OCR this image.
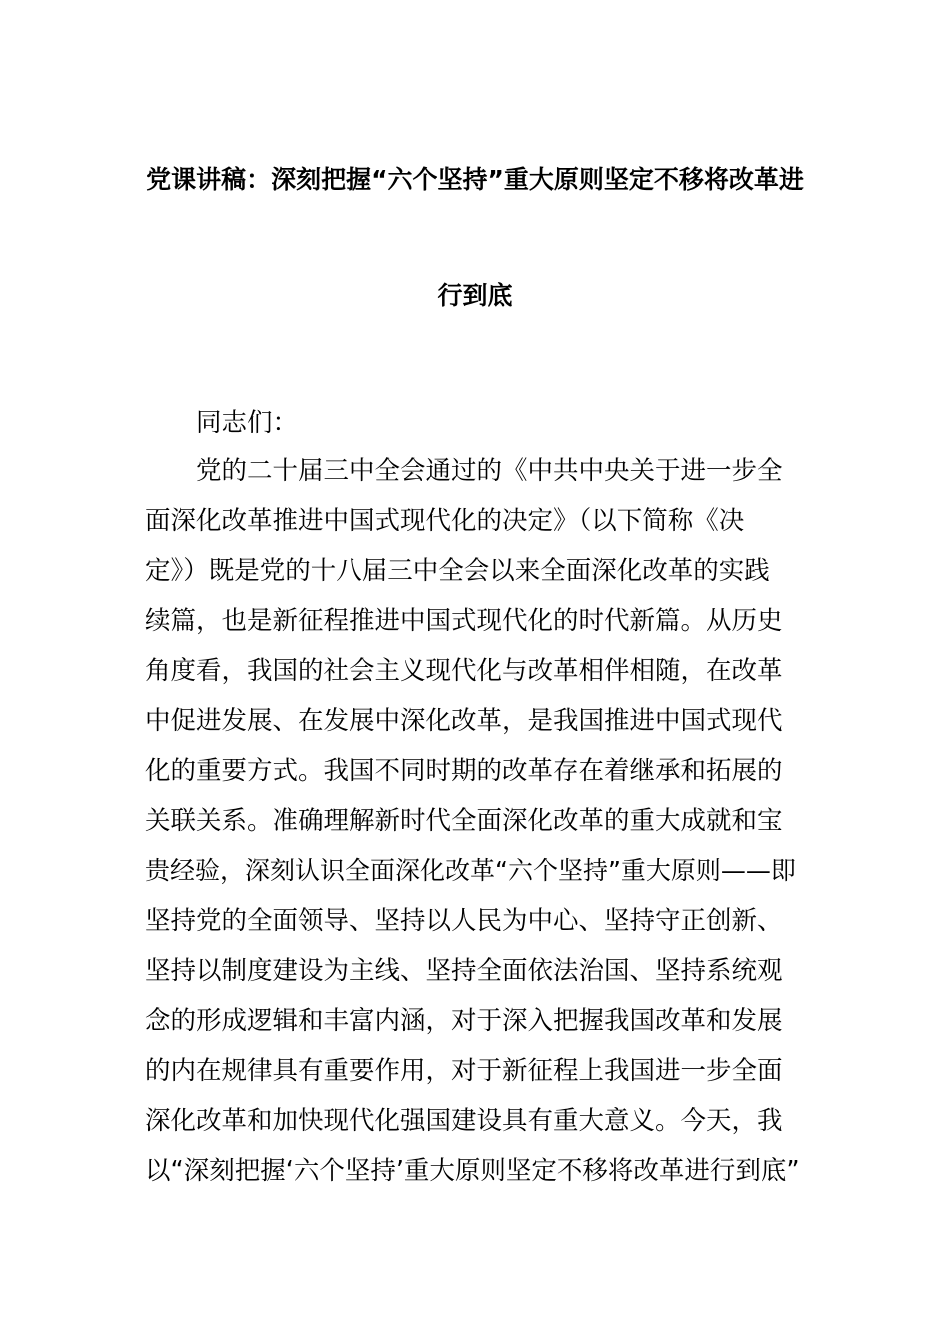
党课讲稿：深刻把握“六个坚持”重大原则坚定不移将改革进
行到底
同志们：
党的二十届三中全会通过的《中共中央关于进一步全
面深化改革推进中国式现代化的决定》（以下简称《决
定》）既是党的十八届三中全会以来全面深化改革的实践
续篇，也是新征程推进中国式现代化的时代新篇。从历史
角度看，我国的社会主义现代化与改革相伴相随，在改革
中促进发展、在发展中深化改革，是我国推进中国式现代
化的重要方式。我国不同时期的改革存在着继承和拓展的
关联关系。准确理解新时代全面深化改革的重大成就和宝
贵经验，深刻认识全面深化改革“六个坚持”重大原则——即
坚持党的全面领导、坚持以人民为中心、坚持守正创新、
坚持以制度建设为主线、坚持全面依法治国、坚持系统观
念的形成逻辑和丰富内涵，对于深入把握我国改革和发展
的内在规律具有重要作用，对于新征程上我国进一步全面
深化改革和加快现代化强国建设具有重大意义。今天，我
以“深刻把握‘六个坚持’重大原则坚定不移将改革进行到底”
